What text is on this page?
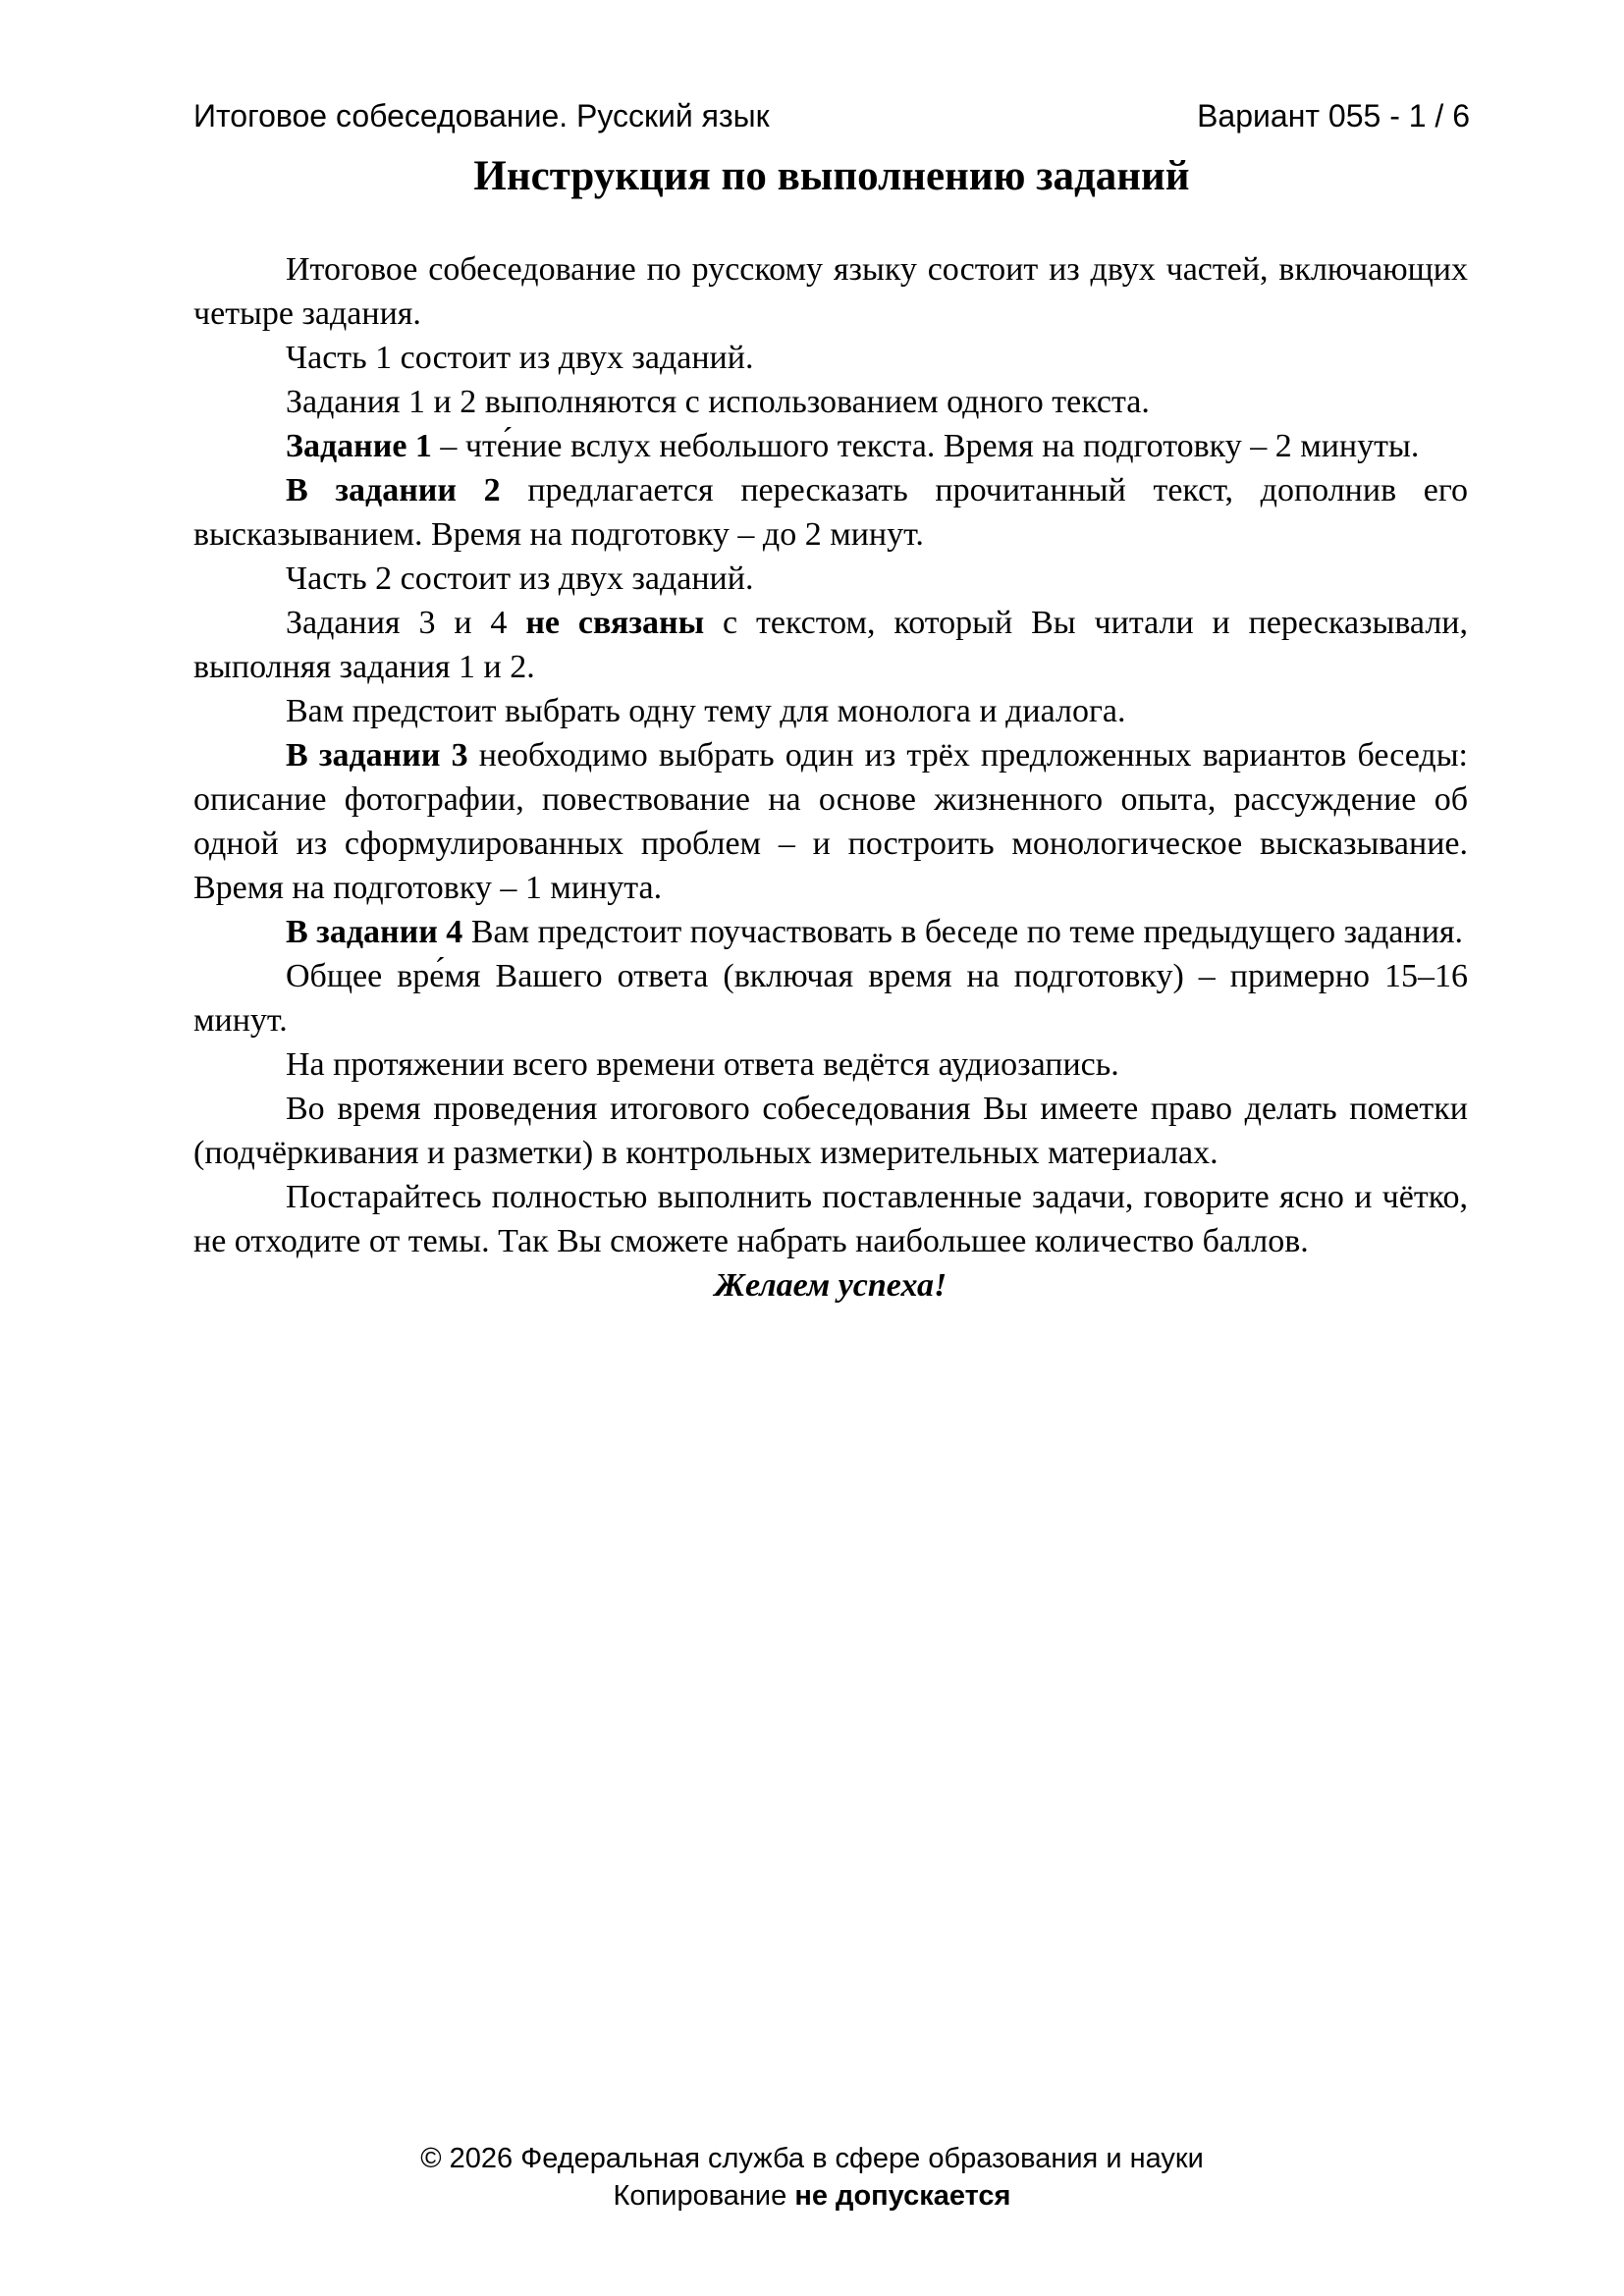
Итоговое собеседование. Русский язык	Вариант 055 - 1 / 6
Инструкция по выполнению заданий

Итоговое собеседование по русскому языку состоит из двух частей, включающих четыре задания.

Часть 1 состоит из двух заданий.

Задания 1 и 2 выполняются с использованием одного текста.

Задание 1 – чте́ние вслух небольшого текста. Время на подготовку – 2 минуты.

В задании 2 предлагается пересказать прочитанный текст, дополнив его высказыванием. Время на подготовку – до 2 минут.

Часть 2 состоит из двух заданий.

Задания 3 и 4 не связаны с текстом, который Вы читали и пересказывали, выполняя задания 1 и 2.

Вам предстоит выбрать одну тему для монолога и диалога.

В задании 3 необходимо выбрать один из трёх предложенных вариантов беседы: описание фотографии, повествование на основе жизненного опыта, рассуждение об одной из сформулированных проблем – и построить монологическое высказывание. Время на подготовку – 1 минута.

В задании 4 Вам предстоит поучаствовать в беседе по теме предыдущего задания.

Общее вре́мя Вашего ответа (включая время на подготовку) – примерно 15–16 минут.

На протяжении всего времени ответа ведётся аудиозапись.

Во время проведения итогового собеседования Вы имеете право делать пометки (подчёркивания и разметки) в контрольных измерительных материалах.

Постарайтесь полностью выполнить поставленные задачи, говорите ясно и чётко, не отходите от темы. Так Вы сможете набрать наибольшее количество баллов.

Желаем успеха!

© 2026 Федеральная служба в сфере образования и науки
Копирование не допускается
